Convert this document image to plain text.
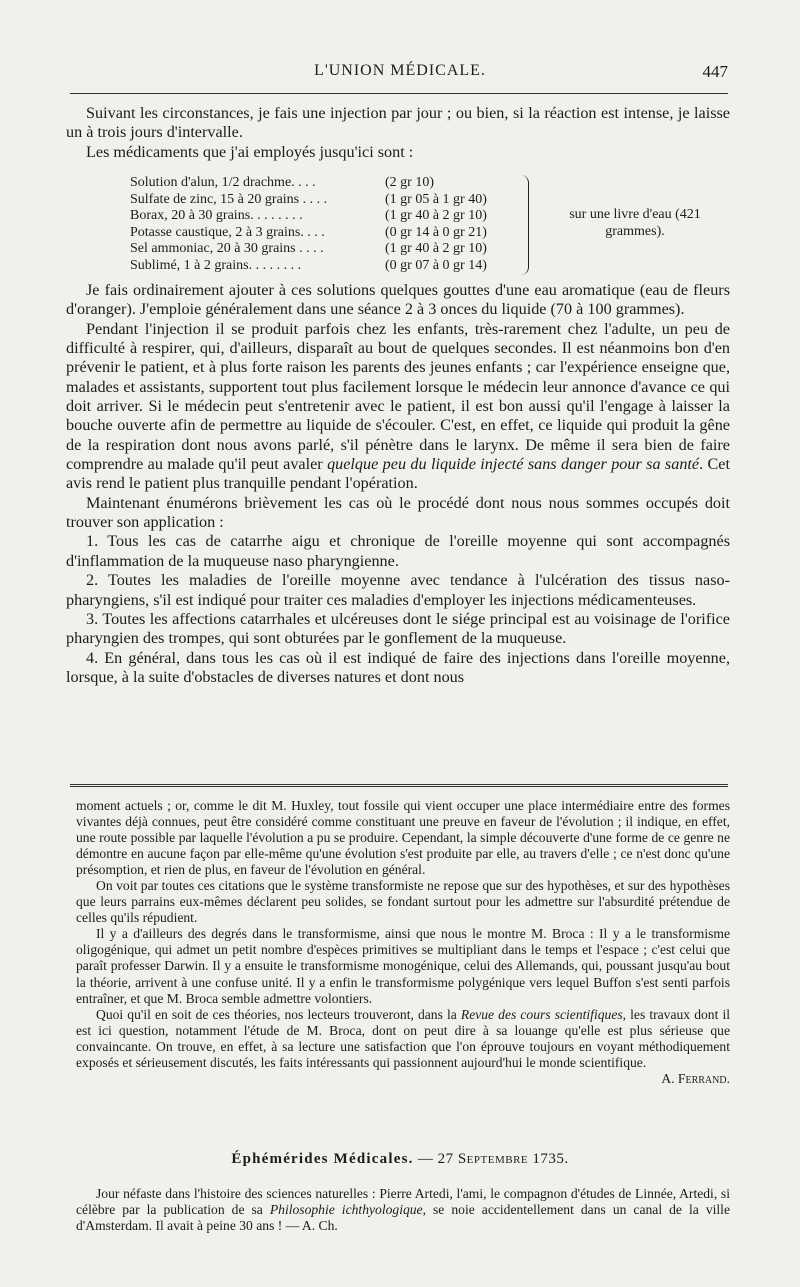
L'UNION MÉDICALE.	447

Suivant les circonstances, je fais une injection par jour ; ou bien, si la réaction est intense, je laisse un à trois jours d'intervalle.

Les médicaments que j'ai employés jusqu'ici sont :

Solution d'alun, 1/2 drachme. . . .	(2 gr 10)
Sulfate de zinc, 15 à 20 grains . . . .	(1 gr 05 à 1 gr 40)
Borax, 20 à 30 grains. . . . . . . .	(1 gr 40 à 2 gr 10)
Potasse caustique, 2 à 3 grains. . . .	(0 gr 14 à 0 gr 21)
Sel ammoniac, 20 à 30 grains . . . .	(1 gr 40 à 2 gr 10)
Sublimé, 1 à 2 grains. . . . . . . .	(0 gr 07 à 0 gr 14)
sur une livre d'eau (421 grammes).

Je fais ordinairement ajouter à ces solutions quelques gouttes d'une eau aromatique (eau de fleurs d'oranger). J'emploie généralement dans une séance 2 à 3 onces du liquide (70 à 100 grammes).

Pendant l'injection il se produit parfois chez les enfants, très-rarement chez l'adulte, un peu de difficulté à respirer, qui, d'ailleurs, disparaît au bout de quelques secondes. Il est néanmoins bon d'en prévenir le patient, et à plus forte raison les parents des jeunes enfants ; car l'expérience enseigne que, malades et assistants, supportent tout plus facilement lorsque le médecin leur annonce d'avance ce qui doit arriver. Si le médecin peut s'entretenir avec le patient, il est bon aussi qu'il l'engage à laisser la bouche ouverte afin de permettre au liquide de s'écouler. C'est, en effet, ce liquide qui produit la gêne de la respiration dont nous avons parlé, s'il pénètre dans le larynx. De même il sera bien de faire comprendre au malade qu'il peut avaler quelque peu du liquide injecté sans danger pour sa santé. Cet avis rend le patient plus tranquille pendant l'opération.

Maintenant énumérons brièvement les cas où le procédé dont nous nous sommes occupés doit trouver son application :

1. Tous les cas de catarrhe aigu et chronique de l'oreille moyenne qui sont accompagnés d'inflammation de la muqueuse naso pharyngienne.

2. Toutes les maladies de l'oreille moyenne avec tendance à l'ulcération des tissus naso-pharyngiens, s'il est indiqué pour traiter ces maladies d'employer les injections médicamenteuses.

3. Toutes les affections catarrhales et ulcéreuses dont le siége principal est au voisinage de l'orifice pharyngien des trompes, qui sont obturées par le gonflement de la muqueuse.

4. En général, dans tous les cas où il est indiqué de faire des injections dans l'oreille moyenne, lorsque, à la suite d'obstacles de diverses natures et dont nous

moment actuels ; or, comme le dit M. Huxley, tout fossile qui vient occuper une place intermédiaire entre des formes vivantes déjà connues, peut être considéré comme constituant une preuve en faveur de l'évolution ; il indique, en effet, une route possible par laquelle l'évolution a pu se produire. Cependant, la simple découverte d'une forme de ce genre ne démontre en aucune façon par elle-même qu'une évolution s'est produite par elle, au travers d'elle ; ce n'est donc qu'une présomption, et rien de plus, en faveur de l'évolution en général.

On voit par toutes ces citations que le système transformiste ne repose que sur des hypothèses, et sur des hypothèses que leurs parrains eux-mêmes déclarent peu solides, se fondant surtout pour les admettre sur l'absurdité prétendue de celles qu'ils répudient.

Il y a d'ailleurs des degrés dans le transformisme, ainsi que nous le montre M. Broca : Il y a le transformisme oligogénique, qui admet un petit nombre d'espèces primitives se multipliant dans le temps et l'espace ; c'est celui que paraît professer Darwin. Il y a ensuite le transformisme monogénique, celui des Allemands, qui, poussant jusqu'au bout la théorie, arrivent à une confuse unité. Il y a enfin le transformisme polygénique vers lequel Buffon s'est senti parfois entraîner, et que M. Broca semble admettre volontiers.

Quoi qu'il en soit de ces théories, nos lecteurs trouveront, dans la Revue des cours scientifiques, les travaux dont il est ici question, notamment l'étude de M. Broca, dont on peut dire à sa louange qu'elle est plus sérieuse que convaincante. On trouve, en effet, à sa lecture une satisfaction que l'on éprouve toujours en voyant méthodiquement exposés et sérieusement discutés, les faits intéressants qui passionnent aujourd'hui le monde scientifique.

A. Ferrand.

Éphémérides Médicales. — 27 Septembre 1735.

Jour néfaste dans l'histoire des sciences naturelles : Pierre Artedi, l'ami, le compagnon d'études de Linnée, Artedi, si célèbre par la publication de sa Philosophie ichthyologique, se noie accidentellement dans un canal de la ville d'Amsterdam. Il avait à peine 30 ans ! — A. Ch.
